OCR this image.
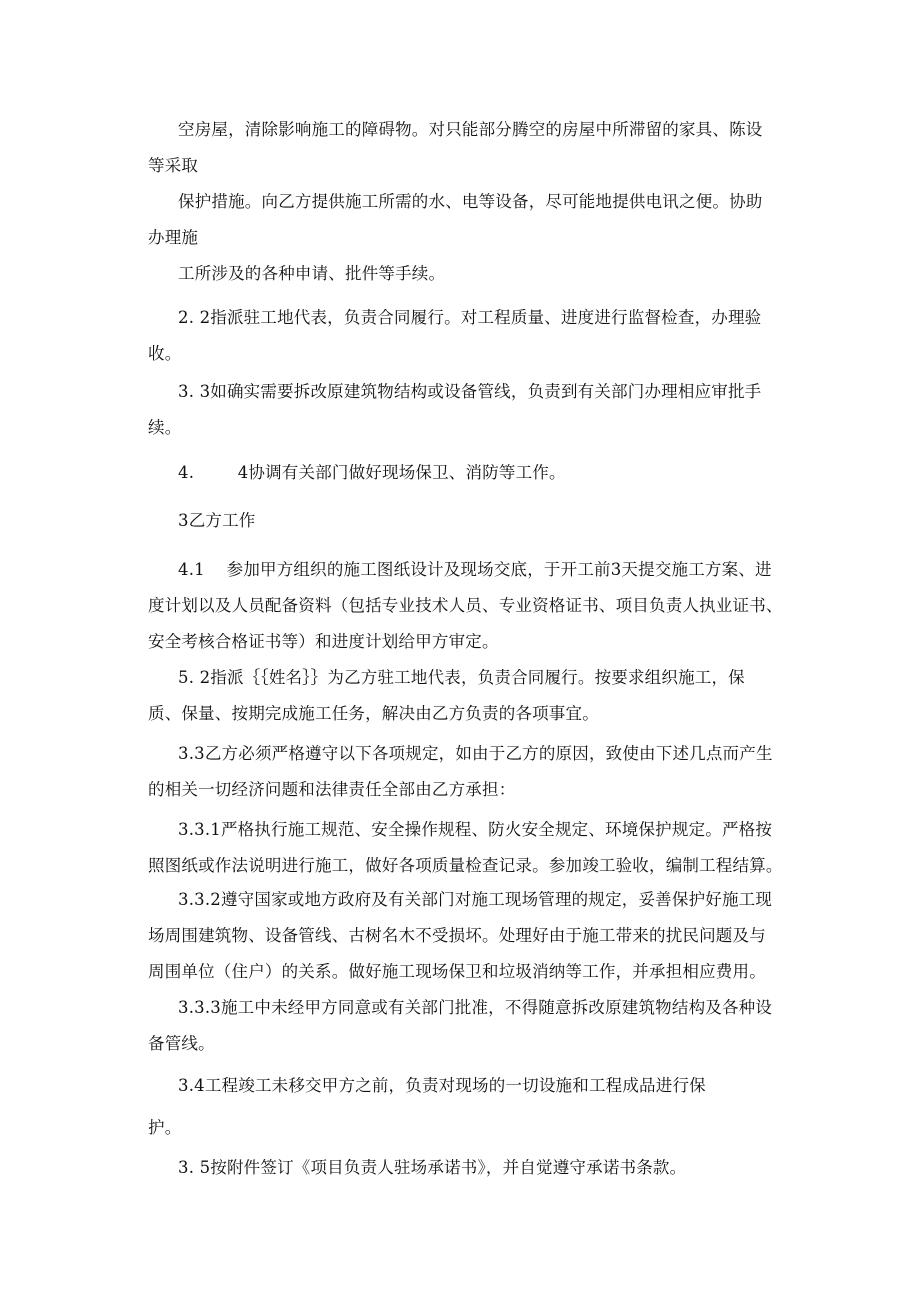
空房屋，清除影响施工的障碍物。对只能部分腾空的房屋中所滞留的家具、陈设
等采取

保护措施。向乙方提供施工所需的水、电等设备，尽可能地提供电讯之便。协助
办理施

工所涉及的各种申请、批件等手续。

2. 2指派驻工地代表，负责合同履行。对工程质量、进度进行监督检查，办理验
收。

3. 3如确实需要拆改原建筑物结构或设备管线，负责到有关部门办理相应审批手
续。

4.        4协调有关部门做好现场保卫、消防等工作。

3乙方工作

4.1    参加甲方组织的施工图纸设计及现场交底，于开工前3天提交施工方案、进
度计划以及人员配备资料（包括专业技术人员、专业资格证书、项目负责人执业证书、
安全考核合格证书等）和进度计划给甲方审定。

5. 2指派｛｛姓名｝｝为乙方驻工地代表，负责合同履行。按要求组织施工，保
质、保量、按期完成施工任务，解决由乙方负责的各项事宜。

3.3乙方必须严格遵守以下各项规定，如由于乙方的原因，致使由下述几点而产生
的相关一切经济问题和法律责任全部由乙方承担：

3.3.1严格执行施工规范、安全操作规程、防火安全规定、环境保护规定。严格按
照图纸或作法说明进行施工，做好各项质量检查记录。参加竣工验收，编制工程结算。

3.3.2遵守国家或地方政府及有关部门对施工现场管理的规定，妥善保护好施工现
场周围建筑物、设备管线、古树名木不受损坏。处理好由于施工带来的扰民问题及与
周围单位（住户）的关系。做好施工现场保卫和垃圾消纳等工作，并承担相应费用。

3.3.3施工中未经甲方同意或有关部门批准，不得随意拆改原建筑物结构及各种设
备管线。

3.4工程竣工未移交甲方之前，负责对现场的一切设施和工程成品进行保

护。

3. 5按附件签订《项目负责人驻场承诺书》，并自觉遵守承诺书条款。
